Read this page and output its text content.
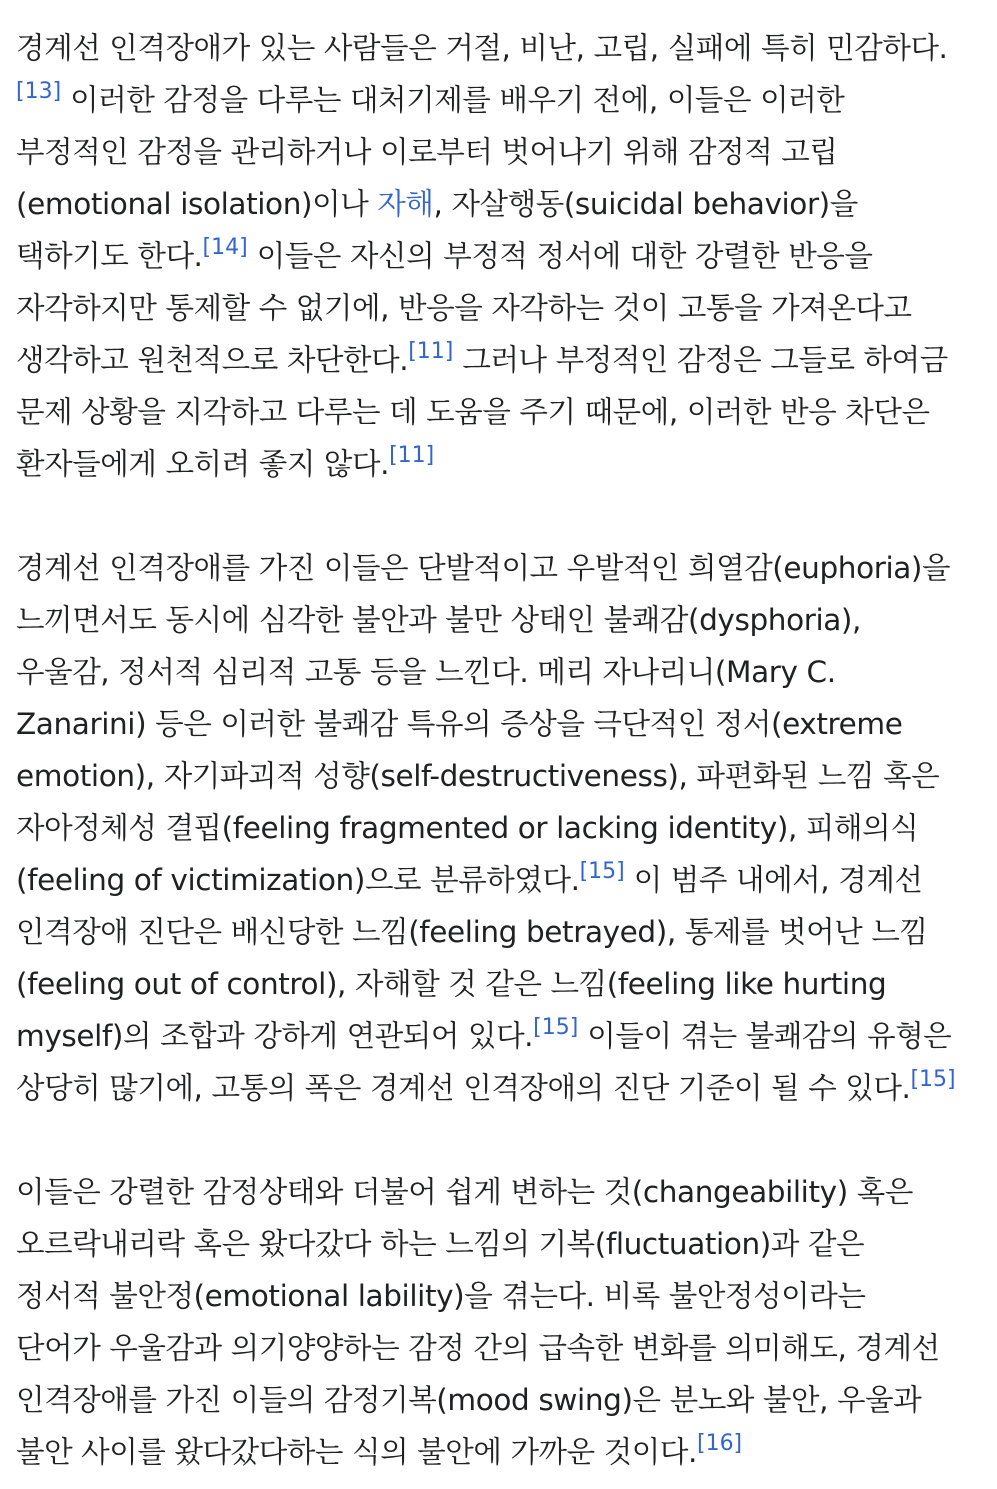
경계선 인격장애가 있는 사람들은 거절, 비난, 고립, 실패에 특히 민감하다. [13] 이러한 감정을 다루는 대처기제를 배우기 전에, 이들은 이러한 부정적인 감정을 관리하거나 이로부터 벗어나기 위해 감정적 고립(emotional isolation)이나 자해, 자살행동(suicidal behavior)을 택하기도 한다.[14] 이들은 자신의 부정적 정서에 대한 강렬한 반응을 자각하지만 통제할 수 없기에, 반응을 자각하는 것이 고통을 가져온다고 생각하고 원천적으로 차단한다.[11] 그러나 부정적인 감정은 그들로 하여금 문제 상황을 지각하고 다루는 데 도움을 주기 때문에, 이러한 반응 차단은 환자들에게 오히려 좋지 않다.[11]

경계선 인격장애를 가진 이들은 단발적이고 우발적인 희열감(euphoria)을 느끼면서도 동시에 심각한 불안과 불만 상태인 불쾌감(dysphoria), 우울감, 정서적 심리적 고통 등을 느낀다. 메리 자나리니(Mary C. Zanarini) 등은 이러한 불쾌감 특유의 증상을 극단적인 정서(extreme emotion), 자기파괴적 성향(self-destructiveness), 파편화된 느낌 혹은 자아정체성 결핍(feeling fragmented or lacking identity), 피해의식(feeling of victimization)으로 분류하였다.[15] 이 범주 내에서, 경계선 인격장애 진단은 배신당한 느낌(feeling betrayed), 통제를 벗어난 느낌(feeling out of control), 자해할 것 같은 느낌(feeling like hurting myself)의 조합과 강하게 연관되어 있다.[15] 이들이 겪는 불쾌감의 유형은 상당히 많기에, 고통의 폭은 경계선 인격장애의 진단 기준이 될 수 있다.[15]

이들은 강렬한 감정상태와 더불어 쉽게 변하는 것(changeability) 혹은 오르락내리락 혹은 왔다갔다 하는 느낌의 기복(fluctuation)과 같은 정서적 불안정(emotional lability)을 겪는다. 비록 불안정성이라는 단어가 우울감과 의기양양하는 감정 간의 급속한 변화를 의미해도, 경계선 인격장애를 가진 이들의 감정기복(mood swing)은 분노와 불안, 우울과 불안 사이를 왔다갔다하는 식의 불안에 가까운 것이다.[16]
